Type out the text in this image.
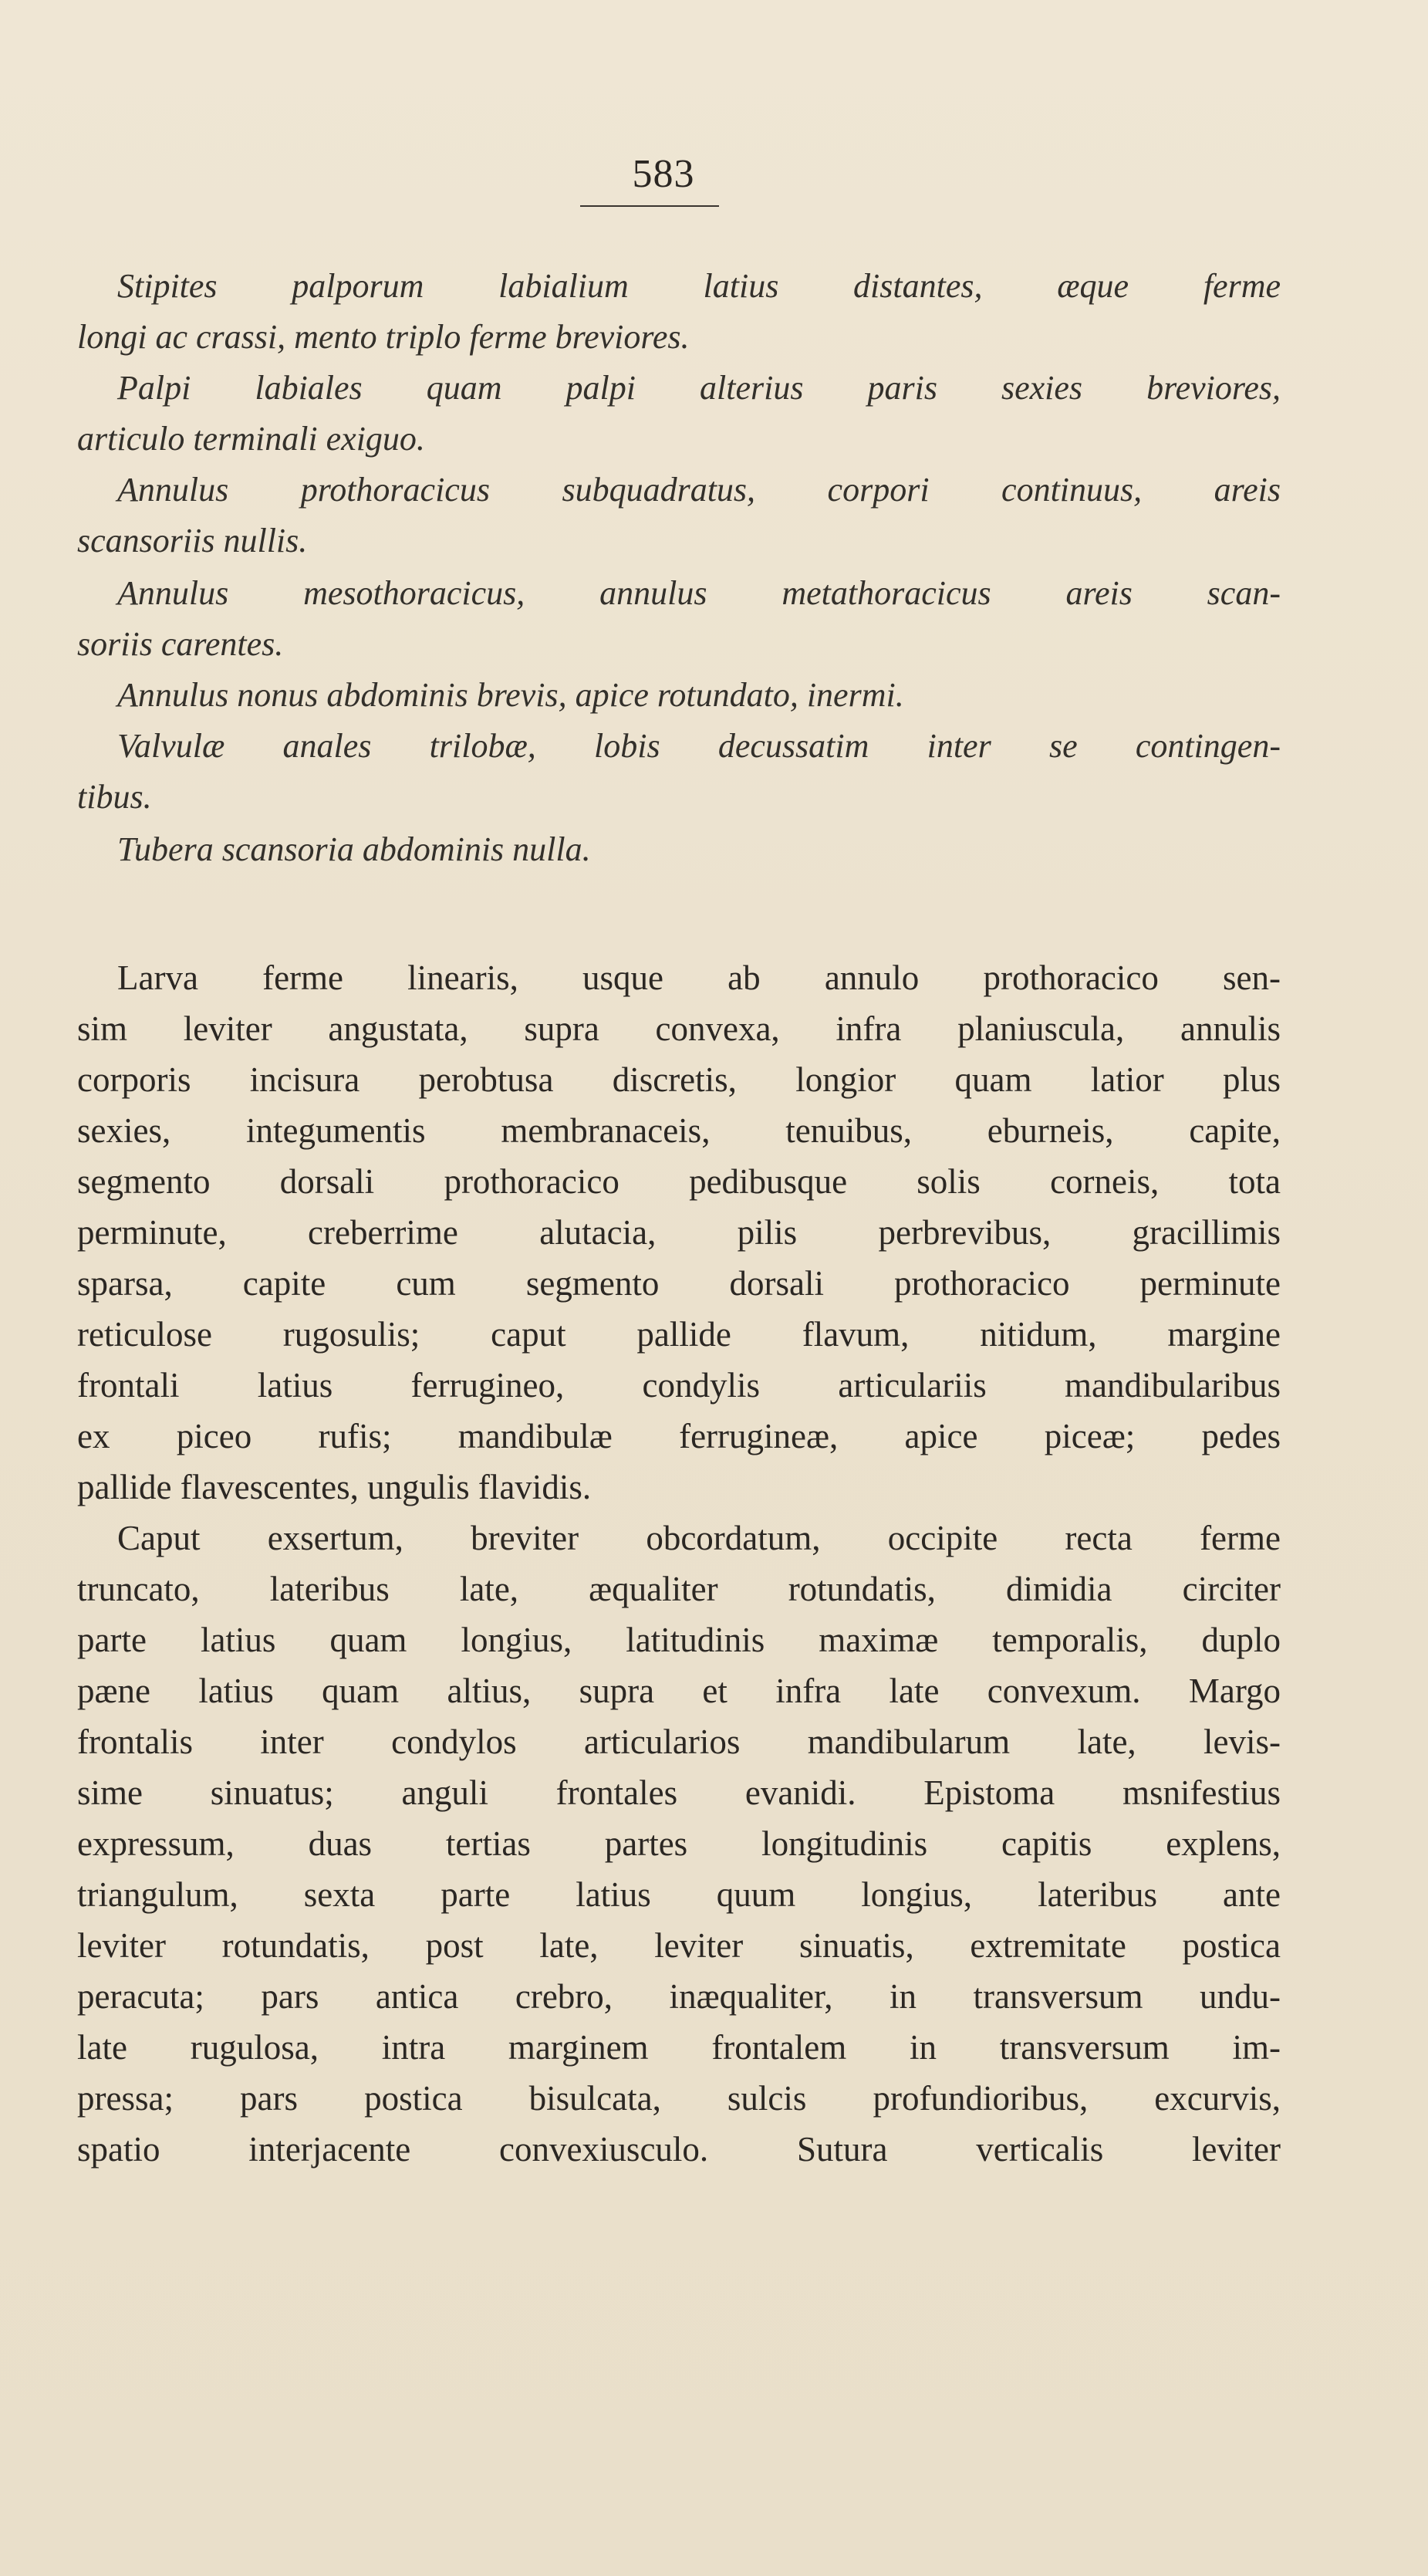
583
Stipites palporum labialium latius distantes, æque ferme
longi ac crassi, mento triplo ferme breviores.
Palpi labiales quam palpi alterius paris sexies breviores,
articulo terminali exiguo.
Annulus prothoracicus subquadratus, corpori continuus, areis
scansoriis nullis.
Annulus mesothoracicus, annulus metathoracicus areis scan-
soriis carentes.
Annulus nonus abdominis brevis, apice rotundato, inermi.
Valvulæ anales trilobæ, lobis decussatim inter se contingen-
tibus.
Tubera scansoria abdominis nulla.
Larva ferme linearis, usque ab annulo prothoracico sen-
sim leviter angustata, supra convexa, infra planiuscula, annulis
corporis incisura perobtusa discretis, longior quam latior plus
sexies, integumentis membranaceis, tenuibus, eburneis, capite,
segmento dorsali prothoracico pedibusque solis corneis, tota
perminute, creberrime alutacia, pilis perbrevibus, gracillimis
sparsa, capite cum segmento dorsali prothoracico perminute
reticulose rugosulis; caput pallide flavum, nitidum, margine
frontali latius ferrugineo, condylis articulariis mandibularibus
ex piceo rufis; mandibulæ ferrugineæ, apice piceæ; pedes
pallide flavescentes, ungulis flavidis.
Caput exsertum, breviter obcordatum, occipite recta ferme
truncato, lateribus late, æqualiter rotundatis, dimidia circiter
parte latius quam longius, latitudinis maximæ temporalis, duplo
pæne latius quam altius, supra et infra late convexum. Margo
frontalis inter condylos articularios mandibularum late, levis-
sime sinuatus; anguli frontales evanidi. Epistoma msnifestius
expressum, duas tertias partes longitudinis capitis explens,
triangulum, sexta parte latius quum longius, lateribus ante
leviter rotundatis, post late, leviter sinuatis, extremitate postica
peracuta; pars antica crebro, inæqualiter, in transversum undu-
late rugulosa, intra marginem frontalem in transversum im-
pressa; pars postica bisulcata, sulcis profundioribus, excurvis,
spatio interjacente convexiusculo. Sutura verticalis leviter
